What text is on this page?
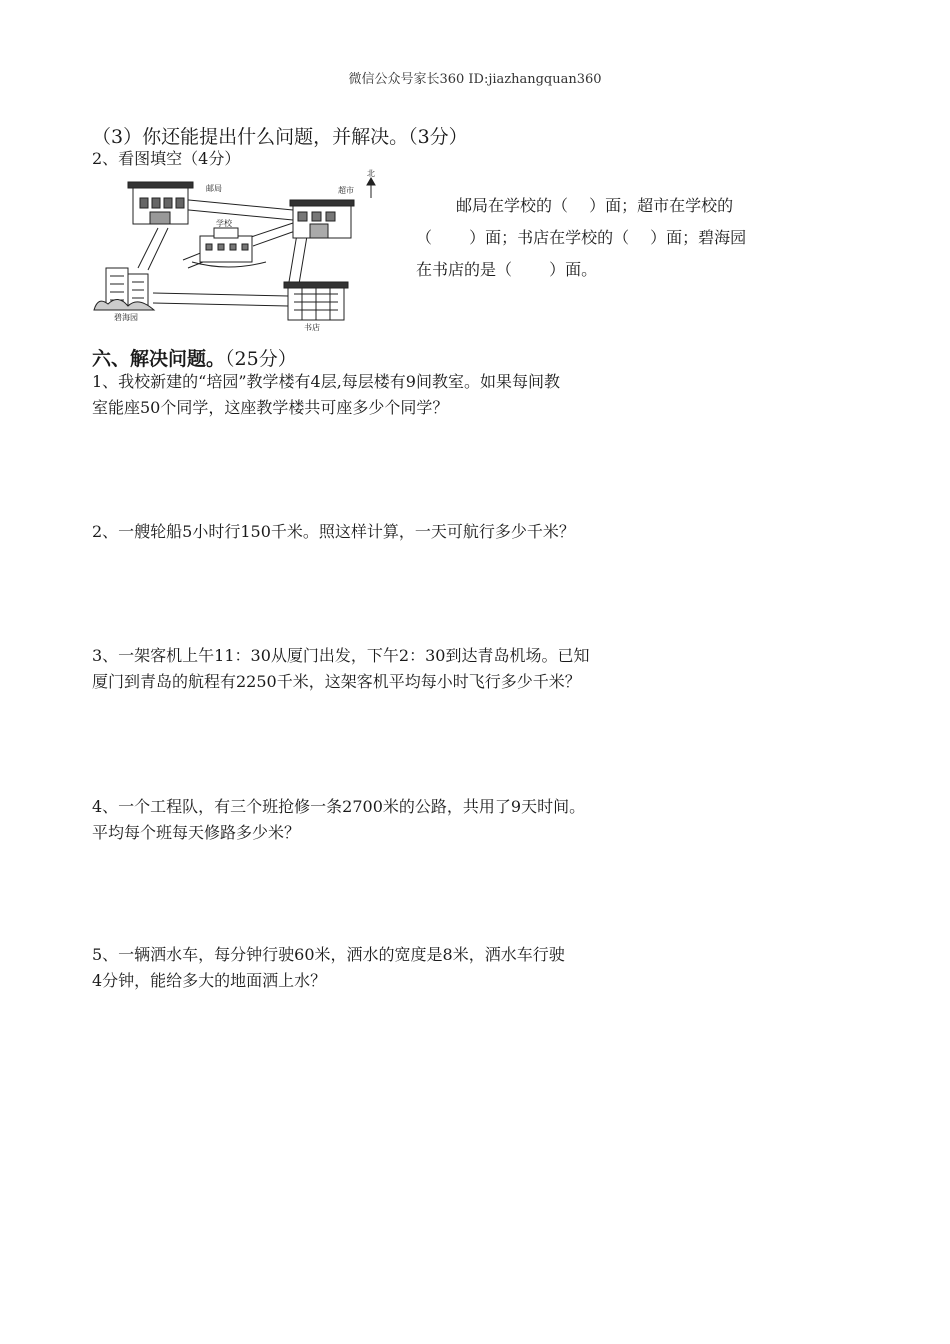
微信公众号家长360 ID:jiazhangquan360
（3）你还能提出什么问题，并解决。（3分）
2、看图填空（4分）
北
邮局	超市
学校
碧海园
书店
邮局在学校的（　 ）面；超市在学校的
（　　 ）面；书店在学校的（　 ）面；碧海园
在书店的是（　　 ）面。
六、解决问题。（25分）
1、我校新建的“培园”教学楼有4层,每层楼有9间教室。如果每间教
室能座50个同学，这座教学楼共可座多少个同学？
2、一艘轮船5小时行150千米。照这样计算，一天可航行多少千米？
3、一架客机上午11：30从厦门出发，下午2：30到达青岛机场。已知
厦门到青岛的航程有2250千米，这架客机平均每小时飞行多少千米？
4、一个工程队，有三个班抢修一条2700米的公路，共用了9天时间。
平均每个班每天修路多少米？
5、一辆洒水车，每分钟行驶60米，洒水的宽度是8米，洒水车行驶
4分钟，能给多大的地面洒上水？
